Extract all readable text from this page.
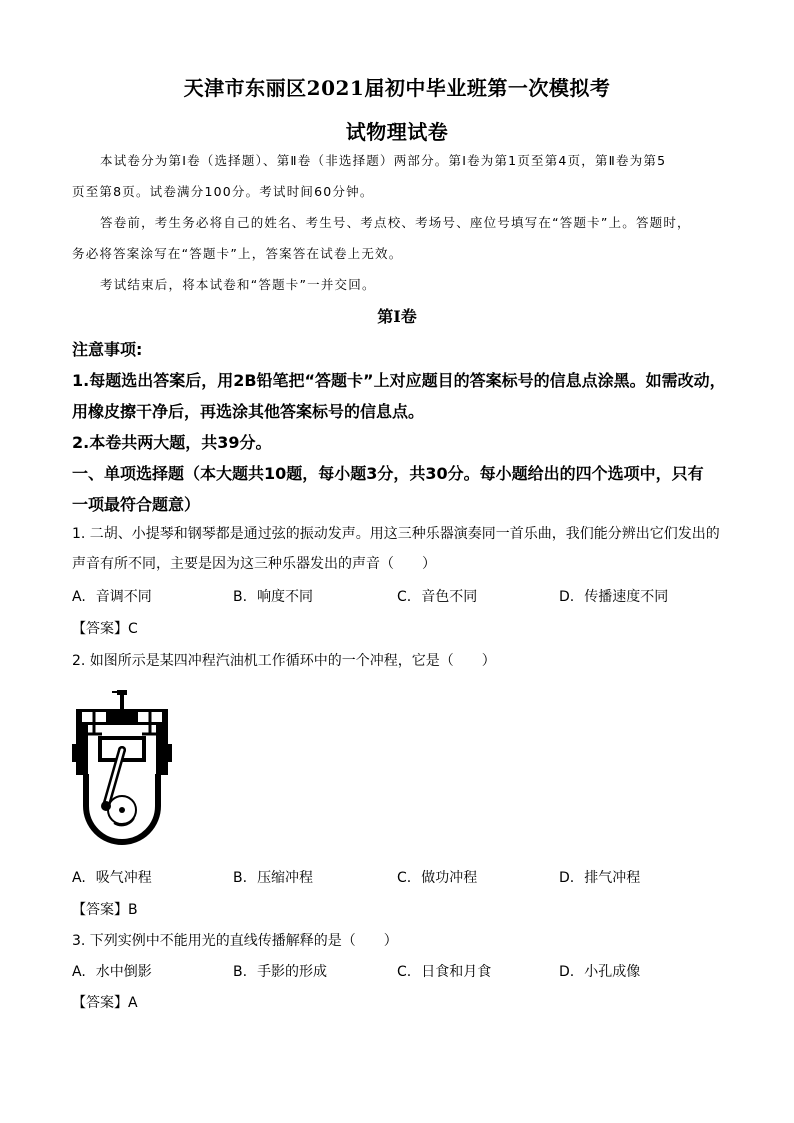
天津市东丽区2021届初中毕业班第一次模拟考
试物理试卷
本试卷分为第Ⅰ卷（选择题）、第Ⅱ卷（非选择题）两部分。第Ⅰ卷为第1页至第4页，第Ⅱ卷为第5
页至第8页。试卷满分100分。考试时间60分钟。
答卷前，考生务必将自己的姓名、考生号、考点校、考场号、座位号填写在“答题卡”上。答题时，
务必将答案涂写在“答题卡”上，答案答在试卷上无效。
考试结束后，将本试卷和“答题卡”一并交回。
第Ⅰ卷
注意事项:
1.每题选出答案后，用2B铅笔把“答题卡”上对应题目的答案标号的信息点涂黑。如需改动，
用橡皮擦干净后，再选涂其他答案标号的信息点。
2.本卷共两大题，共39分。
一、单项选择题（本大题共10题，每小题3分，共30分。每小题给出的四个选项中，只有
一项最符合题意）
1. 二胡、小提琴和钢琴都是通过弦的振动发声。用这三种乐器演奏同一首乐曲，我们能分辨出它们发出的
声音有所不同，主要是因为这三种乐器发出的声音（　　）
A. 音调不同	B. 响度不同	C. 音色不同	D. 传播速度不同
【答案】C
2. 如图所示是某四冲程汽油机工作循环中的一个冲程，它是（　　）
A. 吸气冲程	B. 压缩冲程	C. 做功冲程	D. 排气冲程
【答案】B
3. 下列实例中不能用光的直线传播解释的是（　　）
A. 水中倒影	B. 手影的形成	C. 日食和月食	D. 小孔成像
【答案】A
